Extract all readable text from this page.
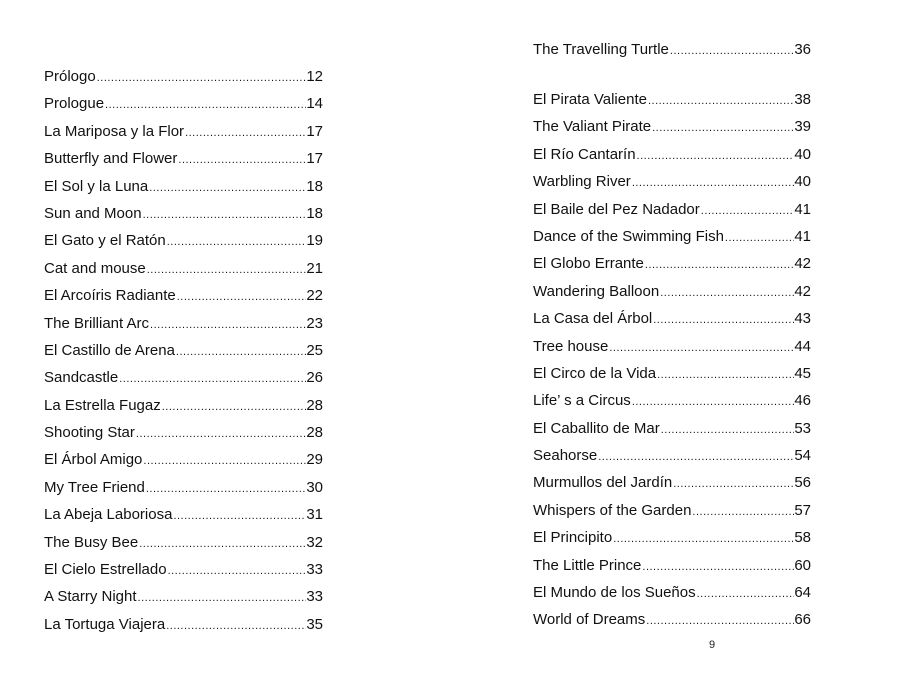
Prólogo .....	12
Prologue .....	14
La Mariposa y la Flor .....	17
Butterfly and Flower .....	17
El Sol y la Luna .....	18
Sun and Moon .....	18
El Gato y el Ratón .....	19
Cat and mouse .....	21
El Arcoíris Radiante .....	22
The Brilliant Arc .....	23
El Castillo de Arena .....	25
Sandcastle .....	26
La Estrella Fugaz .....	28
Shooting Star .....	28
El Árbol Amigo .....	29
My Tree Friend .....	30
La Abeja Laboriosa .....	31
The Busy Bee .....	32
El Cielo Estrellado .....	33
A Starry Night .....	33
La Tortuga Viajera .....	35
The Travelling Turtle .....	36
El Pirata Valiente .....	38
The Valiant Pirate .....	39
El Río Cantarín .....	40
Warbling River .....	40
El Baile del Pez Nadador .....	41
Dance of the Swimming Fish .....	41
El Globo Errante .....	42
Wandering Balloon .....	42
La Casa del Árbol .....	43
Tree house .....	44
El Circo de la Vida .....	45
Life’ s a Circus .....	46
El Caballito de Mar .....	53
Seahorse .....	54
Murmullos del Jardín .....	56
Whispers of the Garden .....	57
El Principito .....	58
The Little Prince .....	60
El Mundo de los Sueños .....	64
World of Dreams .....	66
9
